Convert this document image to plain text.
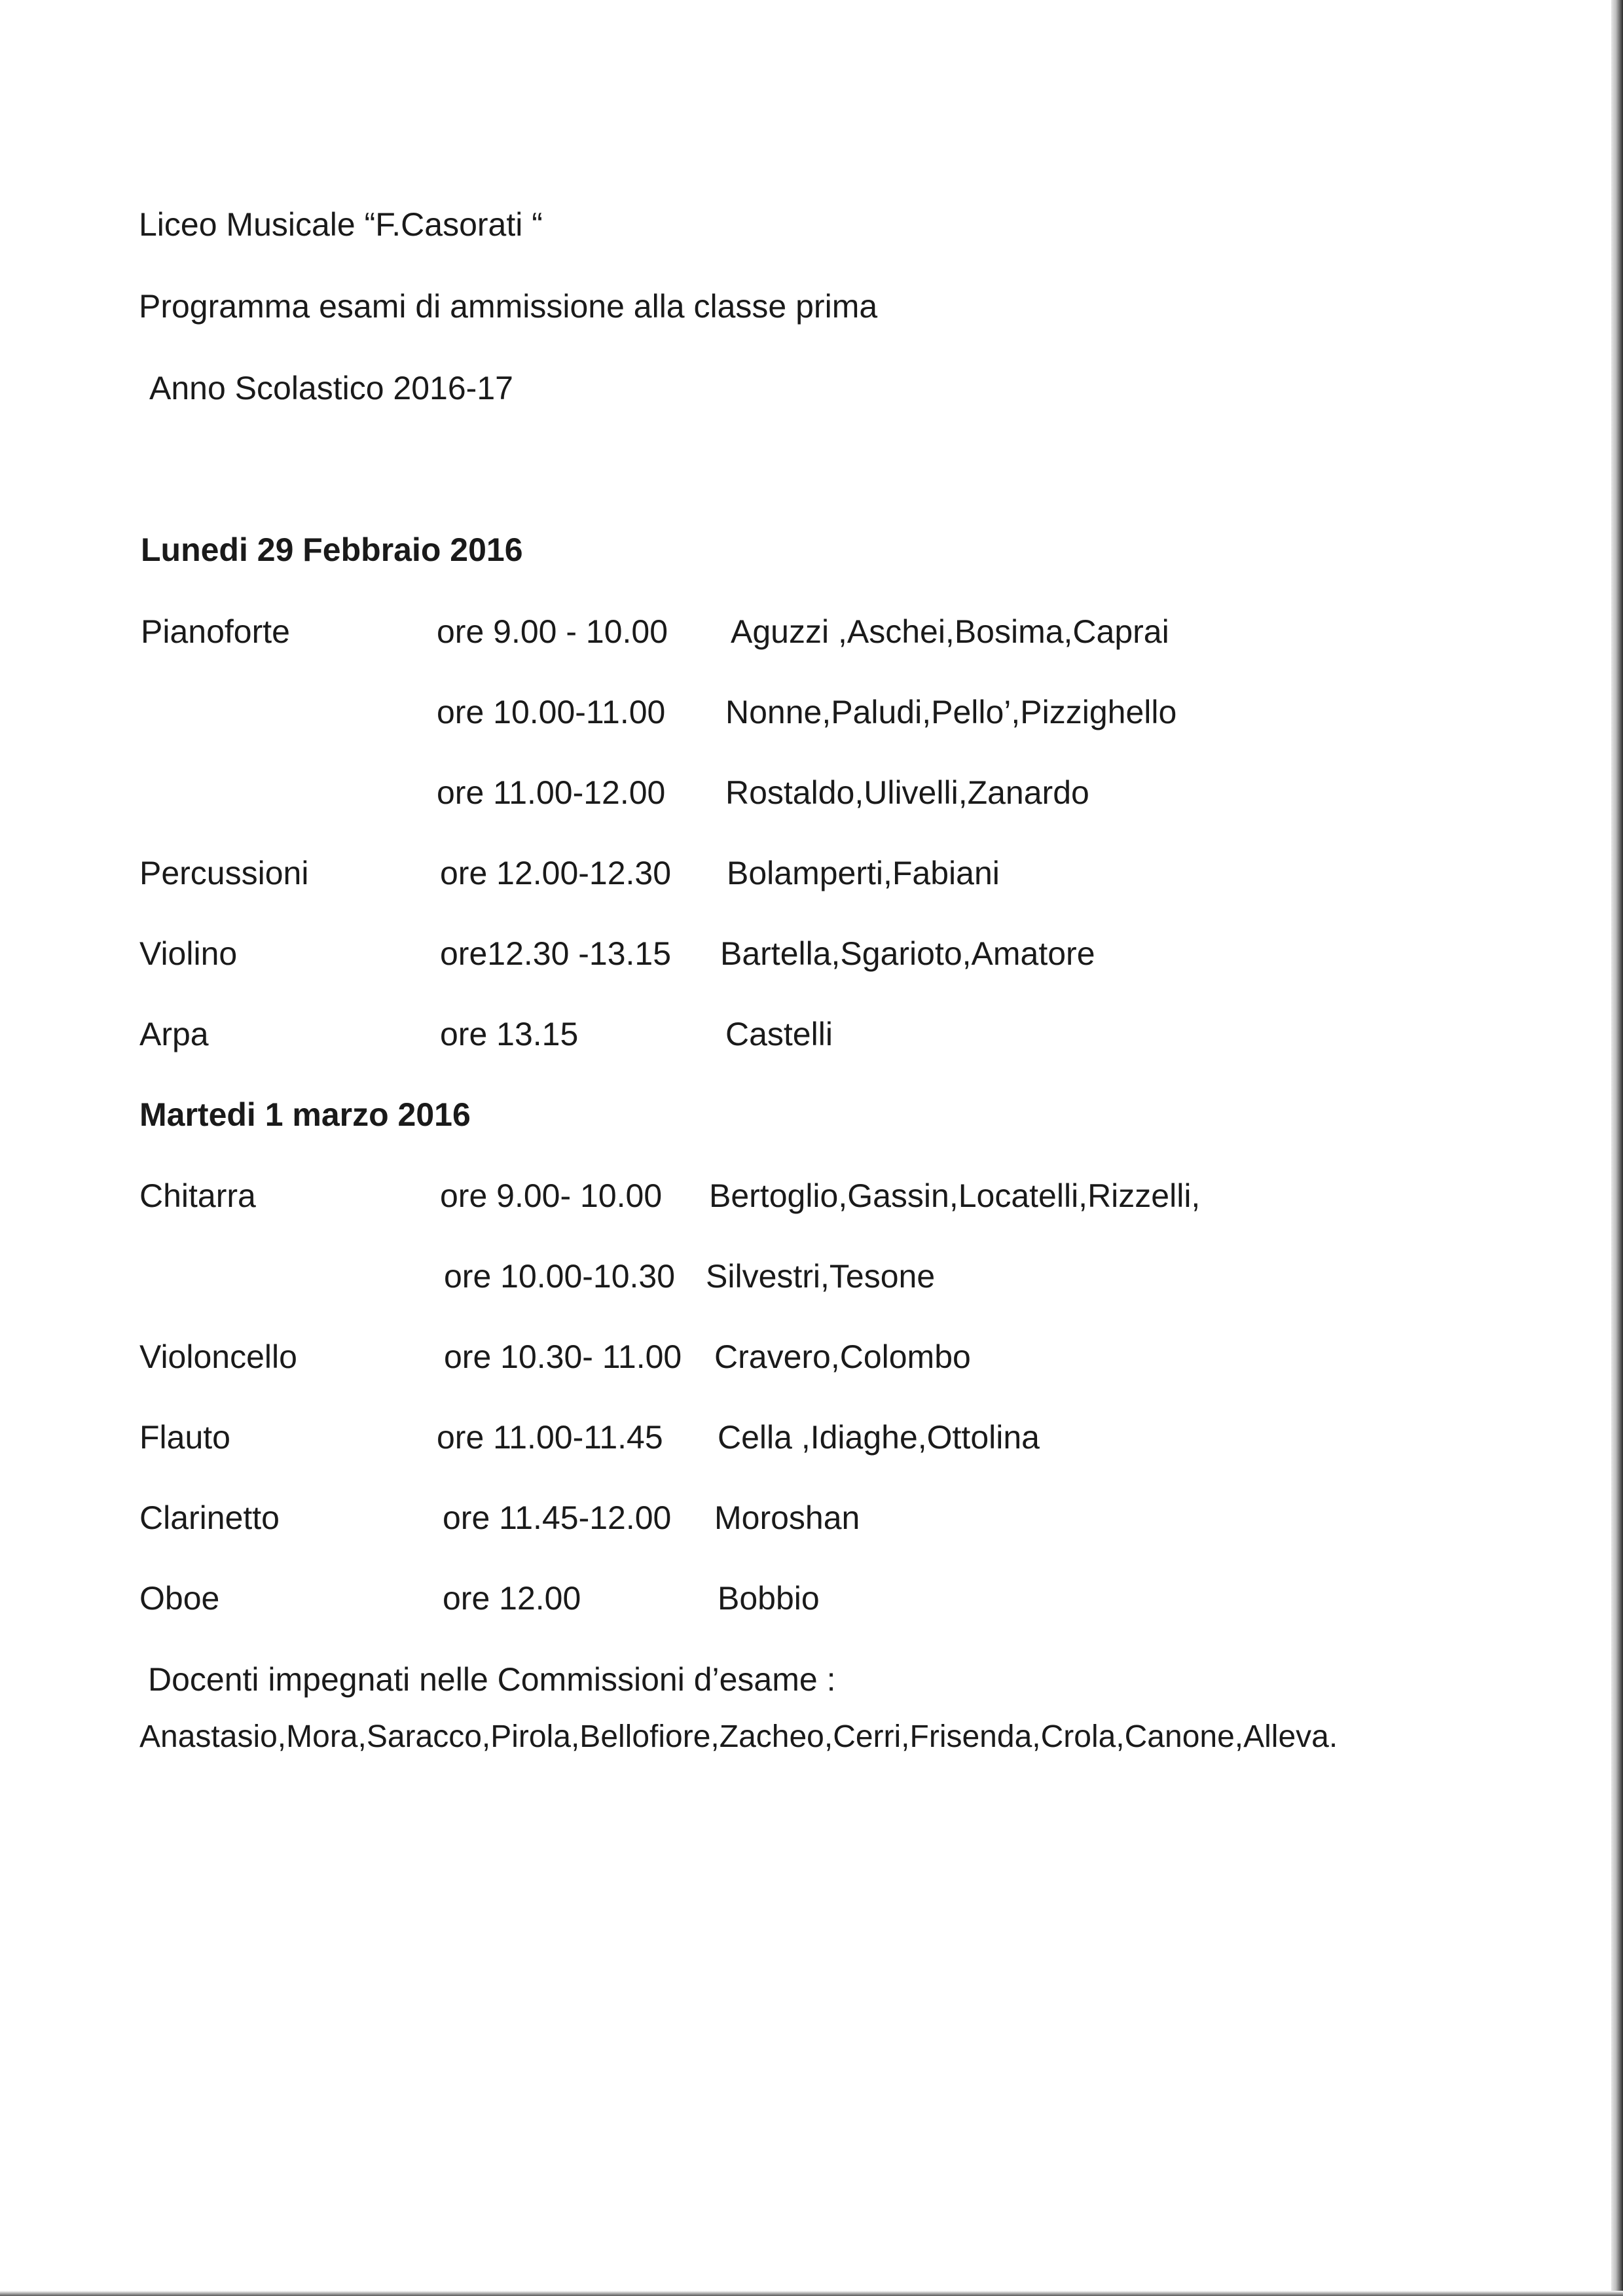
Liceo Musicale “F.Casorati “
Programma esami di ammissione alla classe prima
Anno Scolastico 2016-17
Lunedi 29 Febbraio 2016
Pianoforte	ore 9.00 - 10.00 Aguzzi ,Aschei,Bosima,Caprai
ore 10.00-11.00 Nonne,Paludi,Pello’,Pizzighello
ore 11.00-12.00 Rostaldo,Ulivelli,Zanardo
Percussioni	ore 12.00-12.30 Bolamperti,Fabiani
Violino	ore12.30 -13.15 Bartella,Sgarioto,Amatore
Arpa	ore 13.15	Castelli
Martedi 1 marzo 2016
Chitarra	ore 9.00- 10.00 Bertoglio,Gassin,Locatelli,Rizzelli,
ore 10.00-10.30 Silvestri,Tesone
Violoncello	ore 10.30- 11.00 Cravero,Colombo
Flauto	ore 11.00-11.45 Cella ,Idiaghe,Ottolina
Clarinetto	ore 11.45-12.00 Moroshan
Oboe	ore 12.00	Bobbio
Docenti impegnati nelle Commissioni d’esame :
Anastasio,Mora,Saracco,Pirola,Bellofiore,Zacheo,Cerri,Frisenda,Crola,Canone,Alleva.
